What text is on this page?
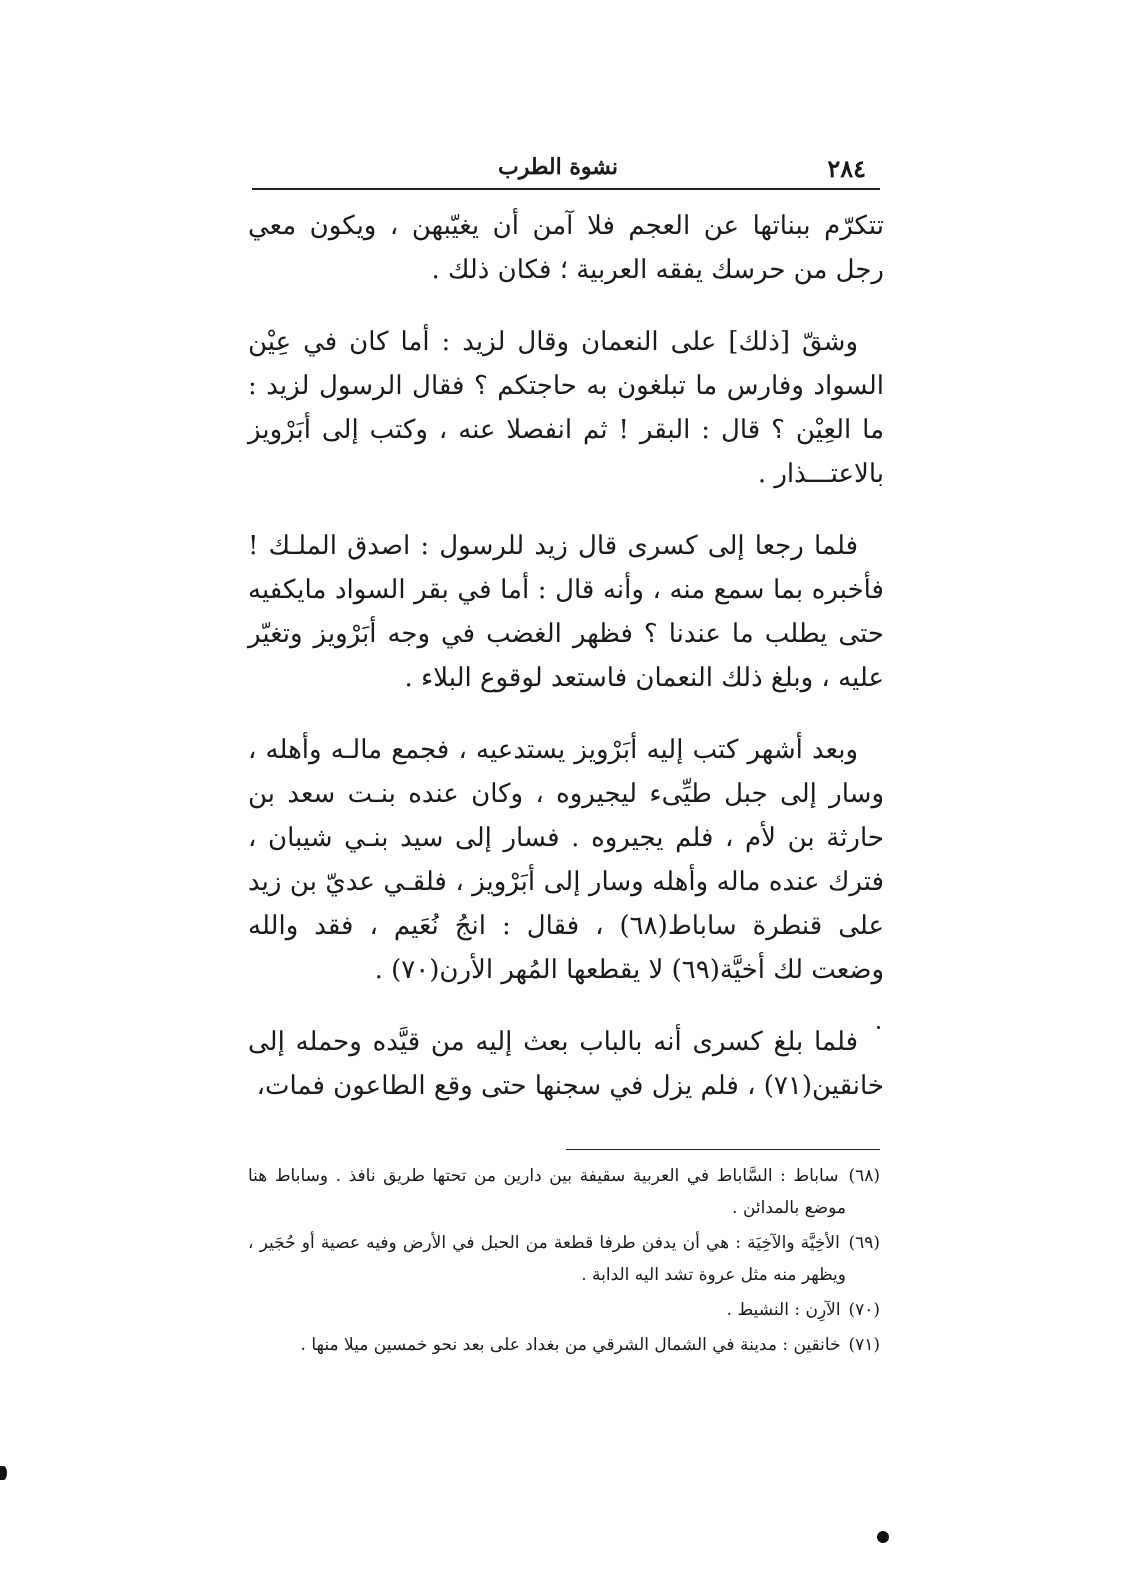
٢٨٤
نشوة الطرب

تتكرّم ببناتها عن العجم فلا آمن أن يغيّبهن ، ويكون معي رجل من حرسك يفقه العربية ؛ فكان ذلك .

وشقّ [ذلك] على النعمان وقال لزيد : أما كان في عِيْن السواد وفارس ما تبلغون به حاجتكم ؟ فقال الرسول لزيد : ما العِيْن ؟ قال : البقر ! ثم انفصلا عنه ، وكتب إلى أبَرْويز بالاعتـــذار .

فلما رجعا إلى كسرى قال زيد للرسول : اصدق الملـك ! فأخبره بما سمع منه ، وأنه قال : أما في بقر السواد مايكفيه حتى يطلب ما عندنا ؟ فظهر الغضب في وجه أبَرْويز وتغيّر عليه ، وبلغ ذلك النعمان فاستعد لوقوع البلاء .

وبعد أشهر كتب إليه أبَرْويز يستدعيه ، فجمع مالـه وأهله ، وسار إلى جبل طيِّىء ليجيروه ، وكان عنده بنـت سعد بن حارثة بن لأم ، فلم يجيروه . فسار إلى سيد بنـي شيبان ، فترك عنده ماله وأهله وسار إلى أبَرْويز ، فلقـي عديّ بن زيد على قنطرة ساباط(٦٨) ، فقال : انجُ نُعَيم ، فقد والله وضعت لك أخيَّة(٦٩) لا يقطعها المُهر الأرن(٧٠) .

فلما بلغ كسرى أنه بالباب بعث إليه من قيَّده وحمله إلى خانقين(٧١) ، فلم يزل في سجنها حتى وقع الطاعون فمات،

(٦٨) ساباط : السَّاباط في العربية سقيفة بين دارين من تحتها طريق نافذ . وساباط هنا موضع بالمدائن .

(٦٩) الأخِيَّة والآخِيَة : هي أن يدفن طرفا قطعة من الحبل في الأرض وفيه عصية أو حُجَير ، ويظهر منه مثل عروة تشد اليه الدابة .

(٧٠) الآرِن : النشيط .

(٧١) خانقين : مدينة في الشمال الشرقي من بغداد على بعد نحو خمسين ميلا منها .
